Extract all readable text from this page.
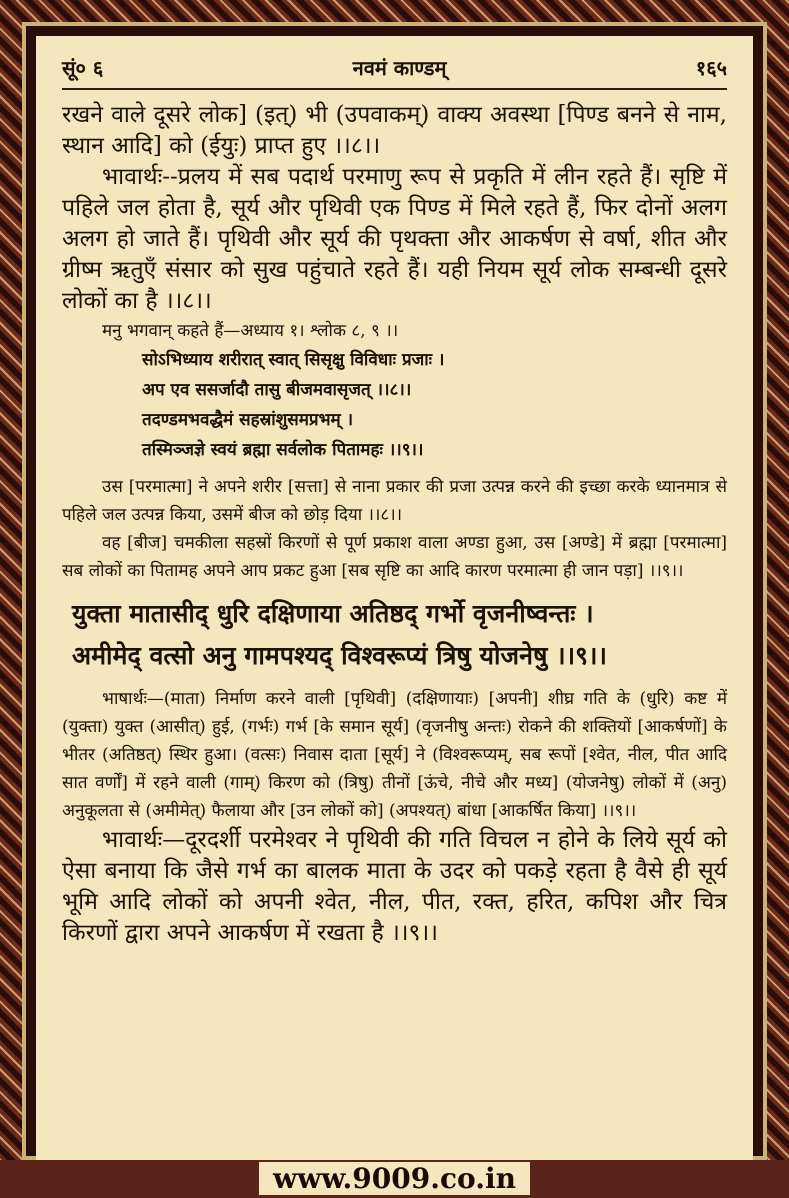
सूं० ६	नवमं काण्डम्	१६५

रखने वाले दूसरे लोक] (इत्) भी (उपवाकम्) वाक्य अवस्था [पिण्ड बनने से नाम, स्थान आदि] को (ईयुः) प्राप्त हुए ।।८।।

भावार्थः--प्रलय में सब पदार्थ परमाणु रूप से प्रकृति में लीन रहते हैं। सृष्टि में पहिले जल होता है, सूर्य और पृथिवी एक पिण्ड में मिले रहते हैं, फिर दोनों अलग अलग हो जाते हैं। पृथिवी और सूर्य की पृथक्ता और आकर्षण से वर्षा, शीत और ग्रीष्म ऋतुएँ संसार को सुख पहुंचाते रहते हैं। यही नियम सूर्य लोक सम्बन्धी दूसरे लोकों का है ।।८।।

मनु भगवान् कहते हैं—अध्याय १। श्लोक ८, ९ ।।

सोऽभिध्याय शरीरात् स्वात् सिसृक्षु विविधाः प्रजाः ।
अप एव ससर्जादौ तासु बीजमवासृजत् ।।८।।
तदण्डमभवद्धैमं सहस्रांशुसमप्रभम् ।
तस्मिञ्जज्ञे स्वयं ब्रह्मा सर्वलोक पितामहः ।।९।।

उस [परमात्मा] ने अपने शरीर [सत्ता] से नाना प्रकार की प्रजा उत्पन्न करने की इच्छा करके ध्यानमात्र से पहिले जल उत्पन्न किया, उसमें बीज को छोड़ दिया ।।८।।

वह [बीज] चमकीला सहस्रों किरणों से पूर्ण प्रकाश वाला अण्डा हुआ, उस [अण्डे] में ब्रह्मा [परमात्मा] सब लोकों का पितामह अपने आप प्रकट हुआ [सब सृष्टि का आदि कारण परमात्मा ही जान पड़ा] ।।९।।

युक्ता मातासीद् धुरि दक्षिणाया अतिष्ठद् गर्भो वृजनीष्वन्तः ।
अमीमेद् वत्सो अनु गामपश्यद् विश्वरूप्यं त्रिषु योजनेषु ।।९।।

भाषार्थः—(माता) निर्माण करने वाली [पृथिवी] (दक्षिणायाः) [अपनी] शीघ्र गति के (धुरि) कष्ट में (युक्ता) युक्त (आसीत्) हुई, (गर्भः) गर्भ [के समान सूर्य] (वृजनीषु अन्तः) रोकने की शक्तियों [आकर्षणों] के भीतर (अतिष्ठत्) स्थिर हुआ। (वत्सः) निवास दाता [सूर्य] ने (विश्वरूप्यम्, सब रूपों [श्वेत, नील, पीत आदि सात वर्णों] में रहने वाली (गाम्) किरण को (त्रिषु) तीनों [ऊंचे, नीचे और मध्य] (योजनेषु) लोकों में (अनु) अनुकूलता से (अमीमेत्) फैलाया और [उन लोकों को] (अपश्यत्) बांधा [आकर्षित किया] ।।९।।

भावार्थः—दूरदर्शी परमेश्वर ने पृथिवी की गति विचल न होने के लिये सूर्य को ऐसा बनाया कि जैसे गर्भ का बालक माता के उदर को पकड़े रहता है वैसे ही सूर्य भूमि आदि लोकों को अपनी श्वेत, नील, पीत, रक्त, हरित, कपिश और चित्र किरणों द्वारा अपने आकर्षण में रखता है ।।९।।

www.9009.co.in
